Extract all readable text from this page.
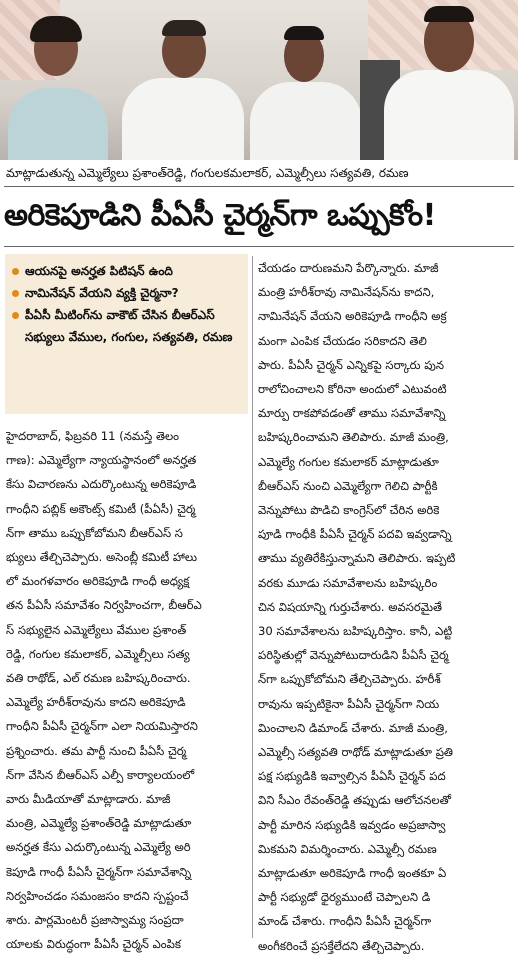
మాట్లాడుతున్న ఎమ్మెల్యేలు ప్రశాంత్‌రెడ్డి, గంగులకమలాకర్, ఎమ్మెల్సీలు సత్యవతి, రమణ
అరికెపూడిని పీఏసీ చైర్మన్‌గా ఒప్పుకోం!
ఆయనపై అనర్హత పిటిషన్ ఉంది
నామినేషన్ వేయని వ్యక్తి చైర్మనా?
పీఏసీ మీటింగ్‌ను వాకౌట్ చేసిన బీఆర్ఎస్ సభ్యులు వేముల, గంగుల, సత్యవతి, రమణ
హైదరాబాద్, ఫిబ్రవరి 11 (నమస్తే తెలం
గాణ): ఎమ్మెల్యేగా న్యాయస్థానంలో అనర్హత
కేసు విచారణను ఎదుర్కొంటున్న అరికెపూడి
గాంధీని పబ్లిక్ అకౌంట్స్ కమిటీ (పీఏసీ) చైర్మ
న్‌గా తాము ఒప్పుకోబోమని బీఆర్ఎస్ స
భ్యులు తేల్చిచెప్పారు. అసెంబ్లీ కమిటీ హాలు
లో మంగళవారం అరికెపూడి గాంధీ అధ్యక్ష
తన పీఏసీ సమావేశం నిర్వహించగా, బీఆర్ఎ
స్ సభ్యులైన ఎమ్మెల్యేలు వేముల ప్రశాంత్
రెడ్డి, గంగుల కమలాకర్, ఎమ్మెల్సీలు సత్య
వతి రాథోడ్, ఎల్ రమణ బహిష్కరించారు.
ఎమ్మెల్యే హరీశ్‌రావును కాదని అరికెపూడి
గాంధీని పీఏసీ చైర్మన్‌గా ఎలా నియమిస్తారని
ప్రశ్నించారు. తమ పార్టీ నుంచి పీఏసీ చైర్మ
న్‌గా వేసిన బీఆర్ఎస్ ఎల్పీ కార్యాలయంలో
వారు మీడియాతో మాట్లాడారు. మాజీ
మంత్రి, ఎమ్మెల్యే ప్రశాంత్‌రెడ్డి మాట్లాడుతూ
అనర్హత కేసు ఎదుర్కొంటున్న ఎమ్మెల్యే అరి
కెపూడి గాంధీ పీఏసీ చైర్మన్‌గా సమావేశాన్ని
నిర్వహించడం సమంజసం కాదని స్పష్టంచే
శారు. పార్లమెంటరీ ప్రజాస్వామ్య సంప్రదా
యాలకు విరుద్ధంగా పీఏసీ చైర్మన్ ఎంపిక
చేయడం దారుణమని పేర్కొన్నారు. మాజీ
మంత్రి హరీశ్‌రావు నామినేషన్‌ను కాదని,
నామినేషన్ వేయని అరికెపూడి గాంధీని అక్ర
మంగా ఎంపిక చేయడం సరికాదని తెలి
పారు. పీఏసీ చైర్మన్ ఎన్నికపై సర్కారు పున
రాలోచించాలని కోరినా అందులో ఎటువంటి
మార్పు రాకపోవడంతో తాము సమావేశాన్ని
బహిష్కరించామని తెలిపారు. మాజీ మంత్రి,
ఎమ్మెల్యే గంగుల కమలాకర్ మాట్లాడుతూ
బీఆర్ఎస్ నుంచి ఎమ్మెల్యేగా గెలిచి పార్టీకి
వెన్నుపోటు పొడిచి కాంగ్రెస్‌లో చేరిన అరికె
పూడి గాంధీకి పీఏసీ చైర్మన్ పదవి ఇవ్వడాన్ని
తాము వ్యతిరేకిస్తున్నామని తెలిపారు. ఇప్పటి
వరకు మూడు సమావేశాలను బహిష్కరిం
చిన విషయాన్ని గుర్తుచేశారు. అవసరమైతే
30 సమావేశాలను బహిష్కరిస్తాం. కానీ, ఎట్టి
పరిస్థితుల్లో వెన్నుపోటుదారుడిని పీఏసీ చైర్మ
న్‌గా ఒప్పుకోబోమని తేల్చిచెప్పారు. హరీశ్
రావును ఇప్పటికైనా పీఏసీ చైర్మన్‌గా నియ
మించాలని డిమాండ్ చేశారు. మాజీ మంత్రి,
ఎమ్మెల్సీ సత్యవతి రాథోడ్ మాట్లాడుతూ ప్రతి
పక్ష సభ్యుడికి ఇవ్వాల్సిన పీఏసీ చైర్మన్ పద
విని సీఎం రేవంత్‌రెడ్డి తప్పుడు ఆలోచనలతో
పార్టీ మారిన సభ్యుడికి ఇవ్వడం అప్రజాస్వా
మికమని విమర్శించారు. ఎమ్మెల్సీ రమణ
మాట్లాడుతూ అరికెపూడి గాంధీ ఇంతకూ ఏ
పార్టీ సభ్యుడో ధైర్యముంటే చెప్పాలని డి
మాండ్ చేశారు. గాంధీని పీఏసీ చైర్మన్‌గా
అంగీకరించే ప్రసక్తేలేదని తేల్చిచెప్పారు.
